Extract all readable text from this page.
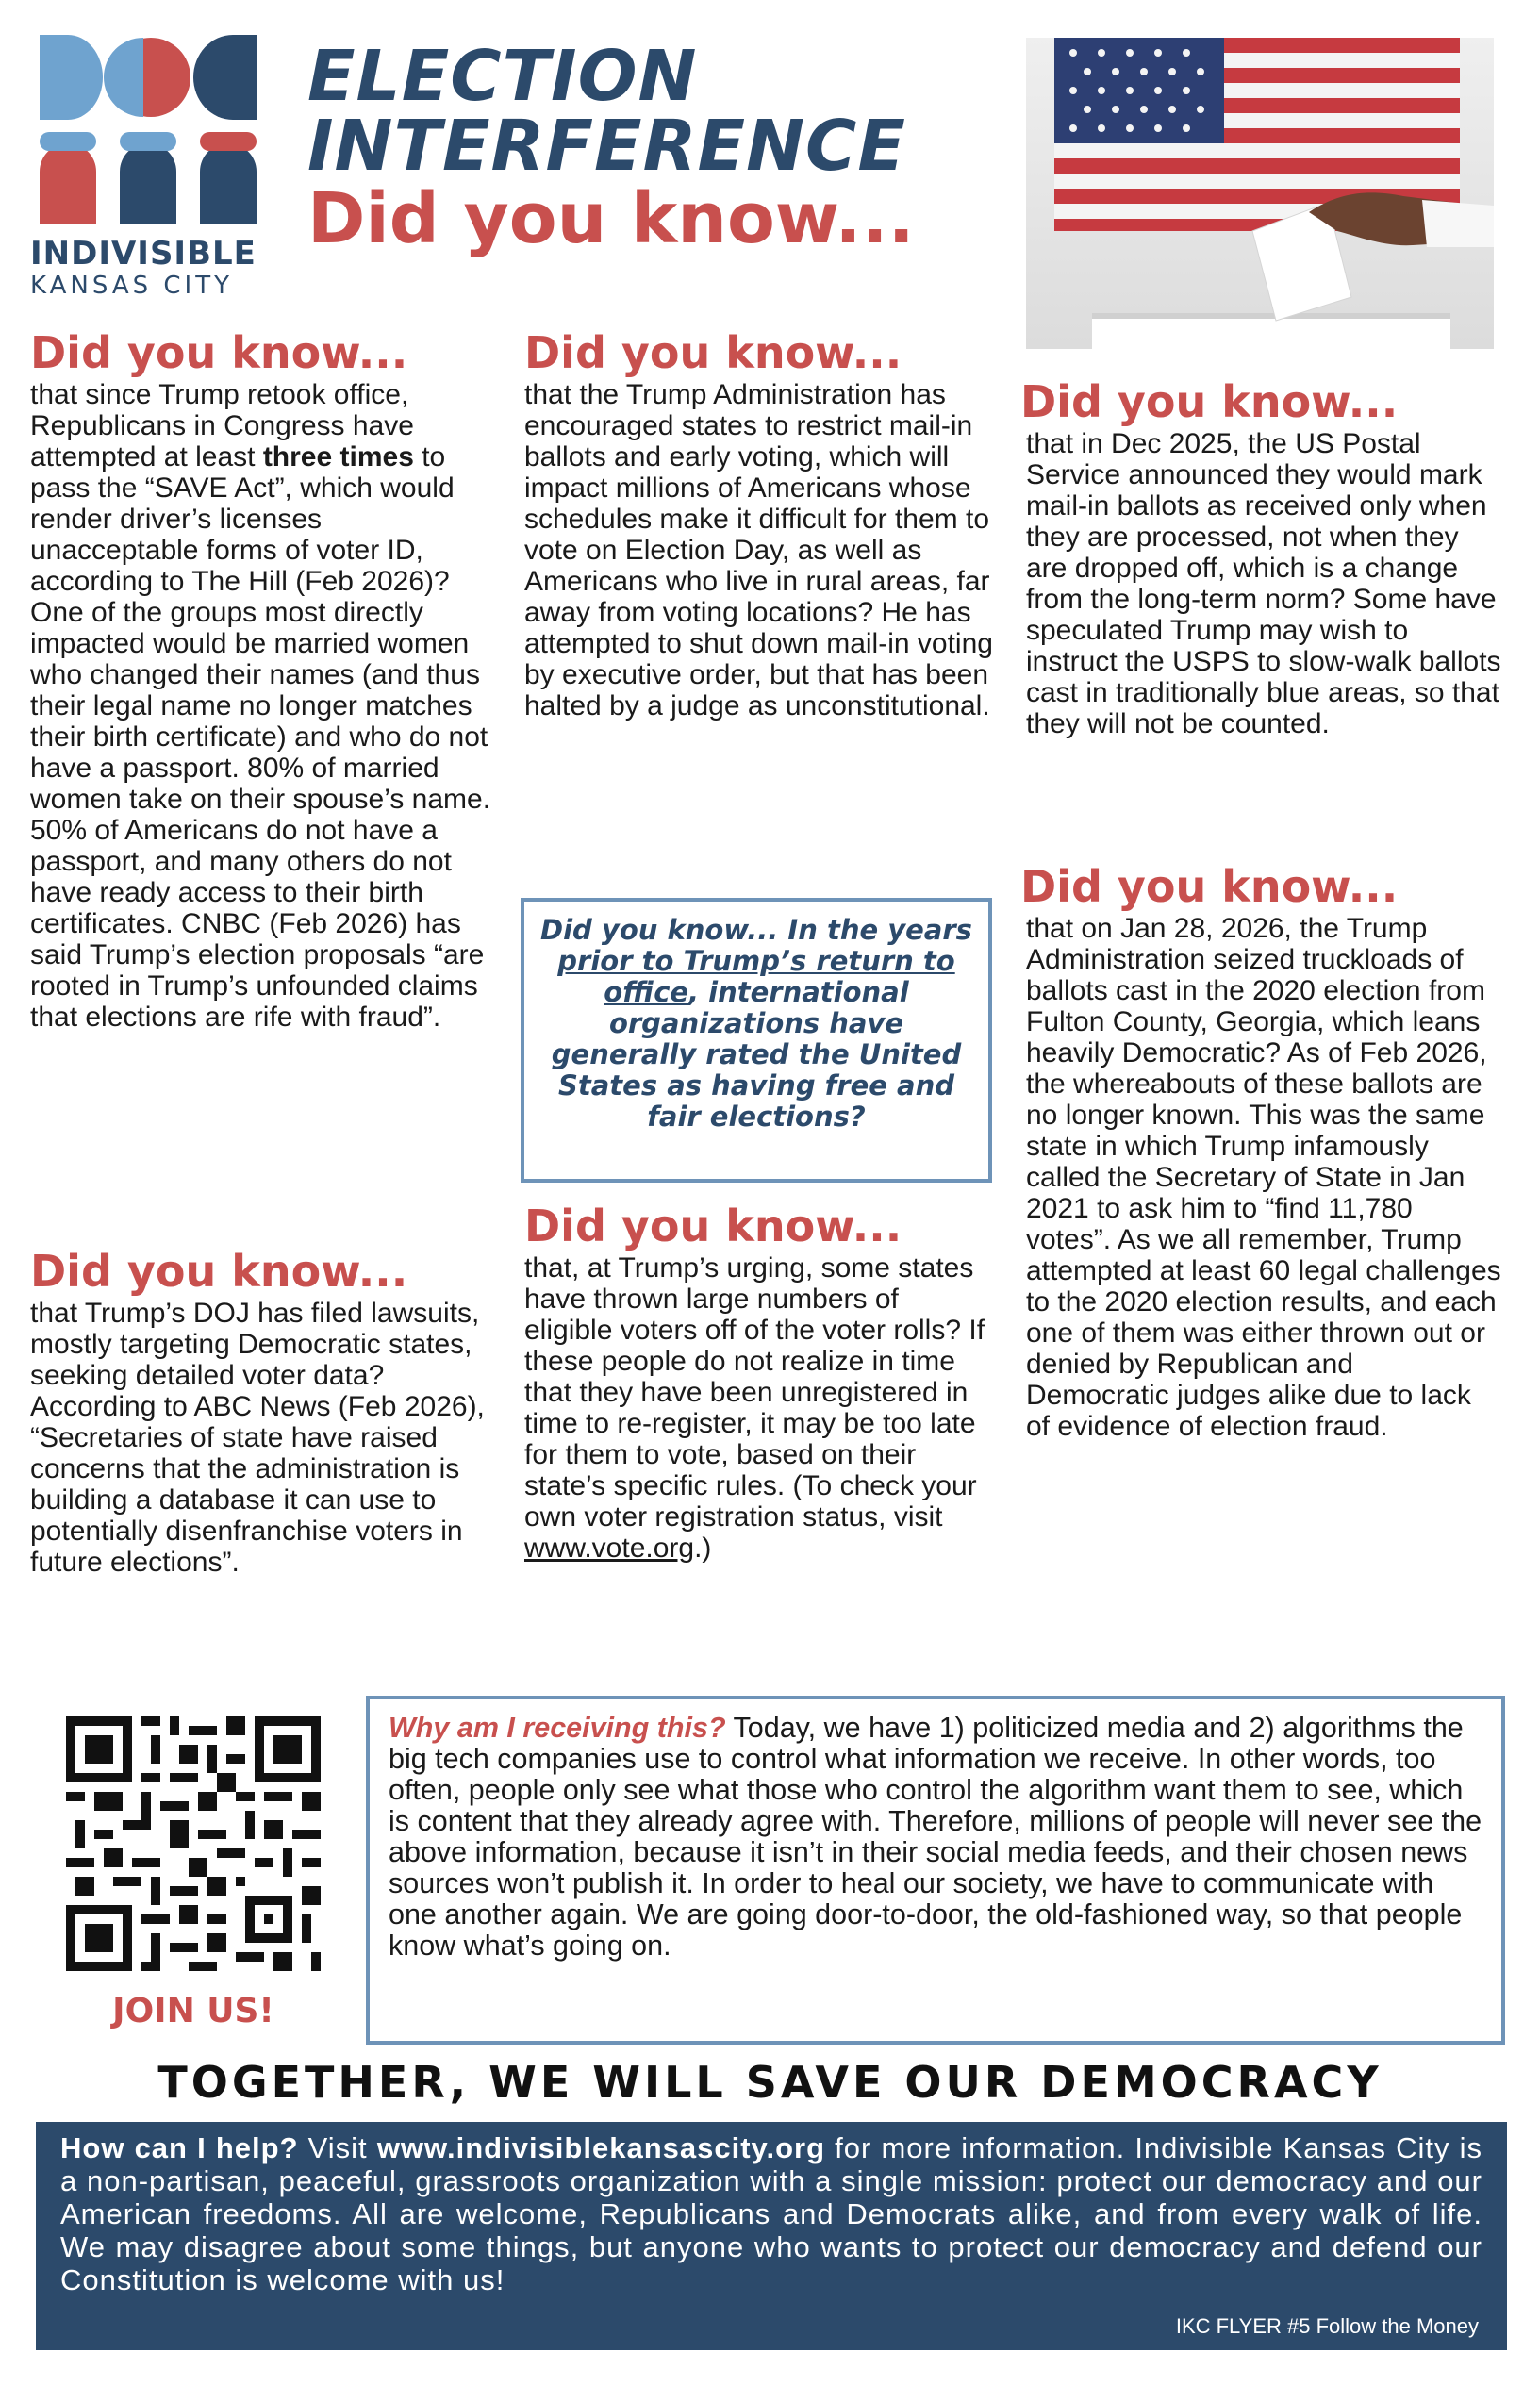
INDIVISIBLE
KANSAS CITY
ELECTION
INTERFERENCE
Did you know...
Did you know...

that since Trump retook office, Republicans in Congress have attempted at least three times to pass the “SAVE Act”, which would render driver’s licenses unacceptable forms of voter ID, according to The Hill (Feb 2026)? One of the groups most directly impacted would be married women who changed their names (and thus their legal name no longer matches their birth certificate) and who do not have a passport. 80% of married women take on their spouse’s name. 50% of Americans do not have a passport, and many others do not have ready access to their birth certificates. CNBC (Feb 2026) has said Trump’s election proposals “are rooted in Trump’s unfounded claims that elections are rife with fraud”.

Did you know...

that Trump’s DOJ has filed lawsuits, mostly targeting Democratic states, seeking detailed voter data? According to ABC News (Feb 2026), “Secretaries of state have raised concerns that the administration is building a database it can use to potentially disenfranchise voters in future elections”.

Did you know...

that the Trump Administration has encouraged states to restrict mail-in ballots and early voting, which will impact millions of Americans whose schedules make it difficult for them to vote on Election Day, as well as Americans who live in rural areas, far away from voting locations? He has attempted to shut down mail-in voting by executive order, but that has been halted by a judge as unconstitutional.

Did you know... In the years prior to Trump’s return to office, international organizations have generally rated the United States as having free and fair elections?

Did you know...

that, at Trump’s urging, some states have thrown large numbers of eligible voters off of the voter rolls? If these people do not realize in time that they have been unregistered in time to re-register, it may be too late for them to vote, based on their state’s specific rules. (To check your own voter registration status, visit www.vote.org.)

Did you know...

that in Dec 2025, the US Postal Service announced they would mark mail-in ballots as received only when they are processed, not when they are dropped off, which is a change from the long-term norm? Some have speculated Trump may wish to instruct the USPS to slow-walk ballots cast in traditionally blue areas, so that they will not be counted.

Did you know...

that on Jan 28, 2026, the Trump Administration seized truckloads of ballots cast in the 2020 election from Fulton County, Georgia, which leans heavily Democratic? As of Feb 2026, the whereabouts of these ballots are no longer known. This was the same state in which Trump infamously called the Secretary of State in Jan 2021 to ask him to “find 11,780 votes”. As we all remember, Trump attempted at least 60 legal challenges to the 2020 election results, and each one of them was either thrown out or denied by Republican and Democratic judges alike due to lack of evidence of election fraud.

JOIN US!

Why am I receiving this? Today, we have 1) politicized media and 2) algorithms the big tech companies use to control what information we receive. In other words, too often, people only see what those who control the algorithm want them to see, which is content that they already agree with. Therefore, millions of people will never see the above information, because it isn’t in their social media feeds, and their chosen news sources won’t publish it. In order to heal our society, we have to communicate with one another again. We are going door-to-door, the old-fashioned way, so that people know what’s going on.

TOGETHER, WE WILL SAVE OUR DEMOCRACY

How can I help? Visit www.indivisiblekansascity.org for more information. Indivisible Kansas City is a non-partisan, peaceful, grassroots organization with a single mission: protect our democracy and our American freedoms. All are welcome, Republicans and Democrats alike, and from every walk of life. We may disagree about some things, but anyone who wants to protect our democracy and defend our Constitution is welcome with us!

IKC FLYER #5 Follow the Money
